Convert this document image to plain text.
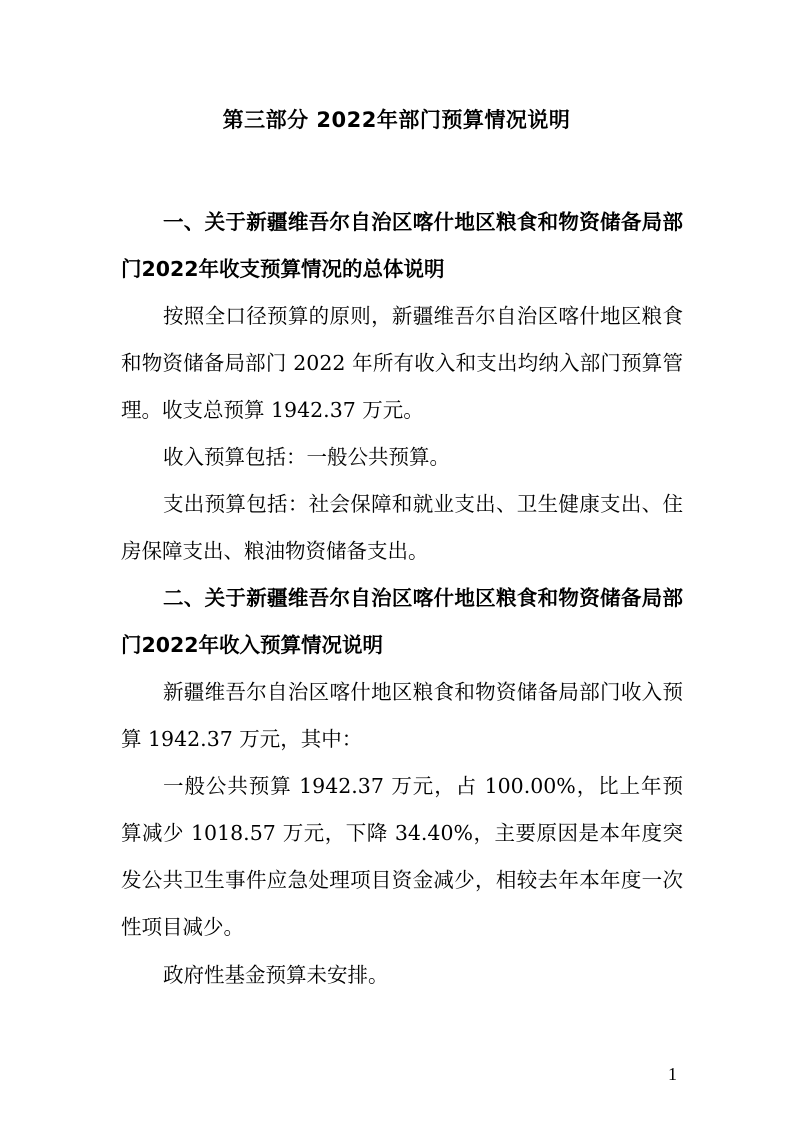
第三部分 2022年部门预算情况说明

一、关于新疆维吾尔自治区喀什地区粮食和物资储备局部门2022年收支预算情况的总体说明

按照全口径预算的原则，新疆维吾尔自治区喀什地区粮食和物资储备局部门 2022 年所有收入和支出均纳入部门预算管理。收支总预算 1942.37 万元。

收入预算包括：一般公共预算。

支出预算包括：社会保障和就业支出、卫生健康支出、住房保障支出、粮油物资储备支出。

二、关于新疆维吾尔自治区喀什地区粮食和物资储备局部门2022年收入预算情况说明

新疆维吾尔自治区喀什地区粮食和物资储备局部门收入预算 1942.37 万元，其中：

一般公共预算 1942.37 万元，占 100.00%，比上年预算减少 1018.57 万元，下降 34.40%，主要原因是本年度突发公共卫生事件应急处理项目资金减少，相较去年本年度一次性项目减少。

政府性基金预算未安排。

1
